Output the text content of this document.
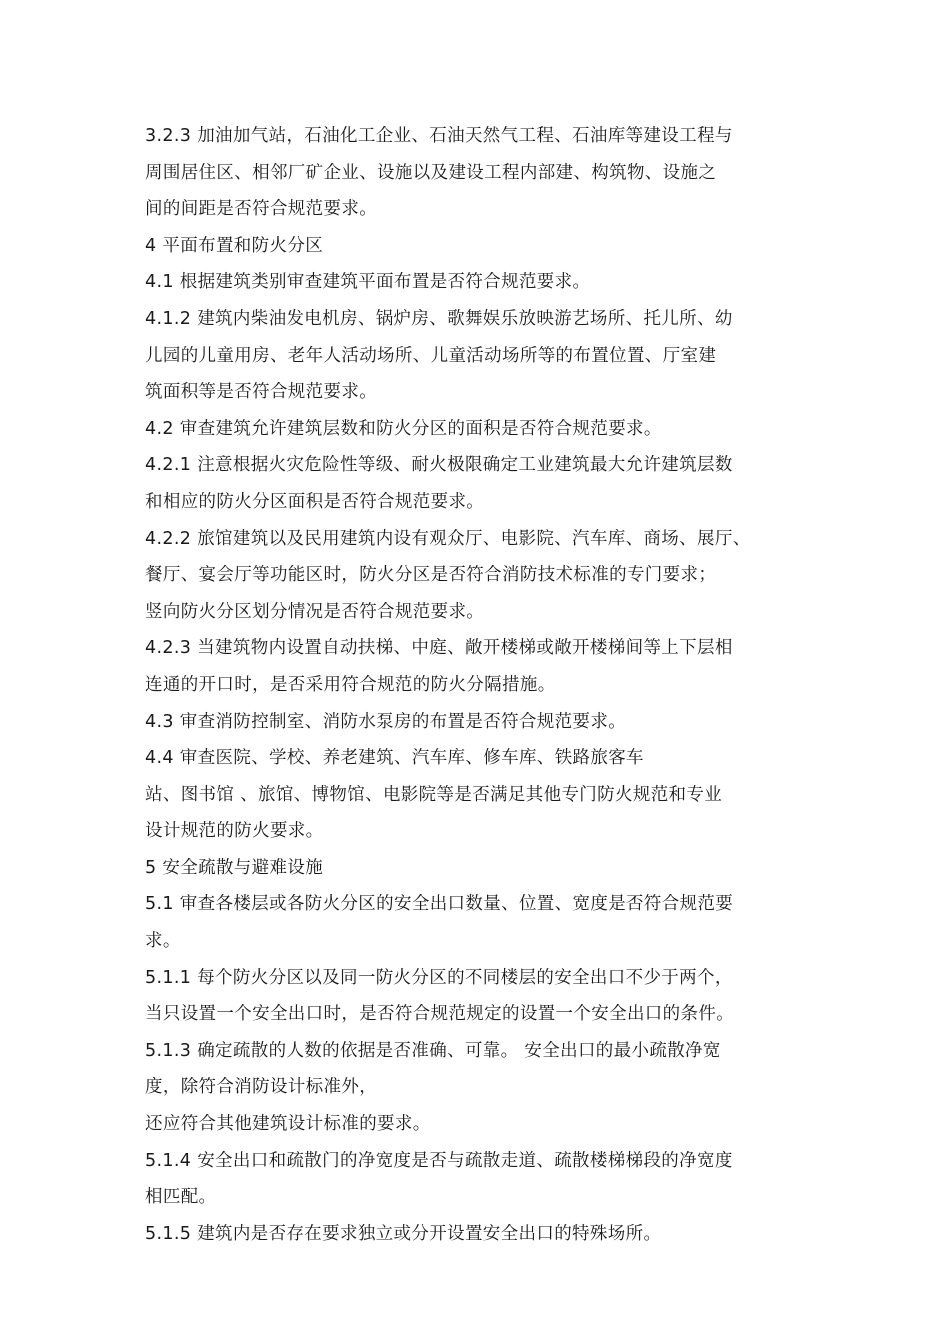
3.2.3 加油加气站，石油化工企业、石油天然气工程、石油库等建设工程与
周围居住区、相邻厂矿企业、设施以及建设工程内部建、构筑物、设施之
间的间距是否符合规范要求。
4 平面布置和防火分区
4.1 根据建筑类别审查建筑平面布置是否符合规范要求。
4.1.2 建筑内柴油发电机房、锅炉房、歌舞娱乐放映游艺场所、托儿所、幼
儿园的儿童用房、老年人活动场所、儿童活动场所等的布置位置、厅室建
筑面积等是否符合规范要求。
4.2 审查建筑允许建筑层数和防火分区的面积是否符合规范要求。
4.2.1 注意根据火灾危险性等级、耐火极限确定工业建筑最大允许建筑层数
和相应的防火分区面积是否符合规范要求。
4.2.2 旅馆建筑以及民用建筑内设有观众厅、电影院、汽车库、商场、展厅、
餐厅、宴会厅等功能区时，防火分区是否符合消防技术标准的专门要求；
竖向防火分区划分情况是否符合规范要求。
4.2.3 当建筑物内设置自动扶梯、中庭、敞开楼梯或敞开楼梯间等上下层相
连通的开口时，是否采用符合规范的防火分隔措施。
4.3 审查消防控制室、消防水泵房的布置是否符合规范要求。
4.4 审查医院、学校、养老建筑、汽车库、修车库、铁路旅客车
站、图书馆 、旅馆、博物馆、电影院等是否满足其他专门防火规范和专业
设计规范的防火要求。
5 安全疏散与避难设施
5.1 审查各楼层或各防火分区的安全出口数量、位置、宽度是否符合规范要
求。
5.1.1 每个防火分区以及同一防火分区的不同楼层的安全出口不少于两个，
当只设置一个安全出口时，是否符合规范规定的设置一个安全出口的条件。
5.1.3 确定疏散的人数的依据是否准确、可靠。 安全出口的最小疏散净宽
度，除符合消防设计标准外，
还应符合其他建筑设计标准的要求。
5.1.4 安全出口和疏散门的净宽度是否与疏散走道、疏散楼梯梯段的净宽度
相匹配。
5.1.5 建筑内是否存在要求独立或分开设置安全出口的特殊场所。
